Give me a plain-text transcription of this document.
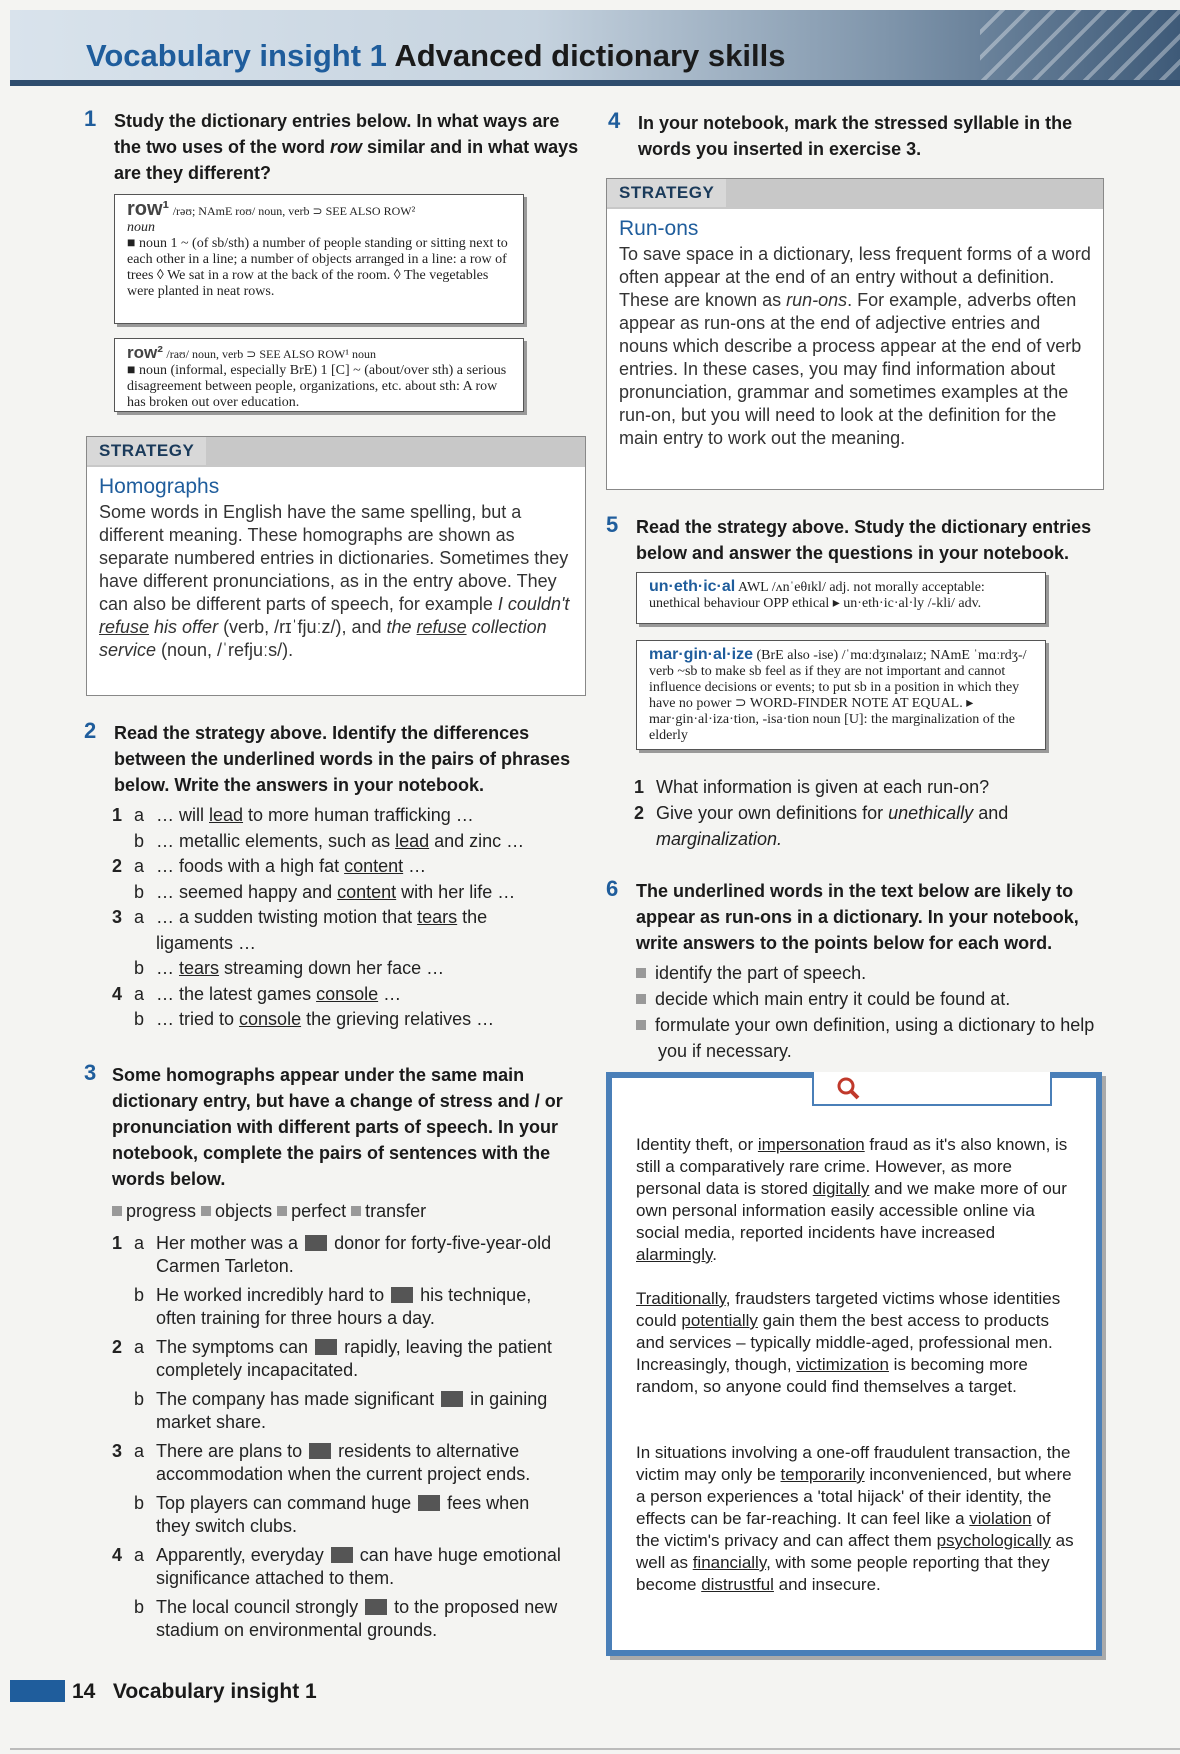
Vocabulary insight 1 Advanced dictionary skills
1 Study the dictionary entries below. In what ways are the two uses of the word row similar and in what ways are they different?
row¹ /rəʊ; NAmE roʊ/ noun, verb ⊃ SEE ALSO ROW²
noun
■ noun 1 ~ (of sb/sth) a number of people standing or sitting next to each other in a line; a number of objects arranged in a line: a row of trees ◊ We sat in a row at the back of the room. ◊ The vegetables were planted in neat rows.
row² /raʊ/ noun, verb ⊃ SEE ALSO ROW¹ noun
■ noun (informal, especially BrE) 1 [C] ~ (about/over sth) a serious disagreement between people, organizations, etc. about sth: A row has broken out over education.
STRATEGY
Homographs
Some words in English have the same spelling, but a different meaning. These homographs are shown as separate numbered entries in dictionaries. Sometimes they have different pronunciations, as in the entry above. They can also be different parts of speech, for example I couldn't refuse his offer (verb, /rɪˈfjuːz/), and the refuse collection service (noun, /ˈrefjuːs/).
2 Read the strategy above. Identify the differences between the underlined words in the pairs of phrases below. Write the answers in your notebook.
1 a … will lead to more human trafficking …
b … metallic elements, such as lead and zinc …
2 a … foods with a high fat content …
b … seemed happy and content with her life …
3 a … a sudden twisting motion that tears the
ligaments …
b … tears streaming down her face …
4 a … the latest games console …
b … tried to console the grieving relatives …
3 Some homographs appear under the same main dictionary entry, but have a change of stress and / or pronunciation with different parts of speech. In your notebook, complete the pairs of sentences with the words below.
progress objects perfect transfer
1 a Her mother was a  donor for forty-five-year-old
Carmen Tarleton.
b He worked incredibly hard to  his technique,
often training for three hours a day.
2 a The symptoms can  rapidly, leaving the patient
completely incapacitated.
b The company has made significant  in gaining
market share.
3 a There are plans to  residents to alternative
accommodation when the current project ends.
b Top players can command huge  fees when
they switch clubs.
4 a Apparently, everyday  can have huge emotional
significance attached to them.
b The local council strongly  to the proposed new
stadium on environmental grounds.
4 In your notebook, mark the stressed syllable in the words you inserted in exercise 3.
STRATEGY
Run-ons
To save space in a dictionary, less frequent forms of a word often appear at the end of an entry without a definition. These are known as run-ons. For example, adverbs often appear as run-ons at the end of adjective entries and nouns which describe a process appear at the end of verb entries. In these cases, you may find information about pronunciation, grammar and sometimes examples at the run-on, but you will need to look at the definition for the main entry to work out the meaning.
5 Read the strategy above. Study the dictionary entries below and answer the questions in your notebook.
un·eth·ic·al AWL /ʌnˈeθɪkl/ adj. not morally acceptable: unethical behaviour OPP ethical ▸ un·eth·ic·al·ly /-kli/ adv.
mar·gin·al·ize (BrE also -ise) /ˈmɑːdʒɪnəlaɪz; NAmE ˈmɑːrdʒ-/ verb ~sb to make sb feel as if they are not important and cannot influence decisions or events; to put sb in a position in which they have no power ⊃ WORD-FINDER NOTE AT EQUAL. ▸ mar·gin·al·iza·tion, -isa·tion noun [U]: the marginalization of the elderly
1 What information is given at each run-on?
2 Give your own definitions for unethically and
marginalization.
6 The underlined words in the text below are likely to appear as run-ons in a dictionary. In your notebook, write answers to the points below for each word.
identify the part of speech.
decide which main entry it could be found at.
formulate your own definition, using a dictionary to help you if necessary.
Identity theft, or impersonation fraud as it's also known, is still a comparatively rare crime. However, as more personal data is stored digitally and we make more of our own personal information easily accessible online via social media, reported incidents have increased alarmingly.
Traditionally, fraudsters targeted victims whose identities could potentially gain them the best access to products and services – typically middle-aged, professional men. Increasingly, though, victimization is becoming more random, so anyone could find themselves a target.
In situations involving a one-off fraudulent transaction, the victim may only be temporarily inconvenienced, but where a person experiences a 'total hijack' of their identity, the effects can be far-reaching. It can feel like a violation of the victim's privacy and can affect them psychologically as well as financially, with some people reporting that they become distrustful and insecure.
14 Vocabulary insight 1
